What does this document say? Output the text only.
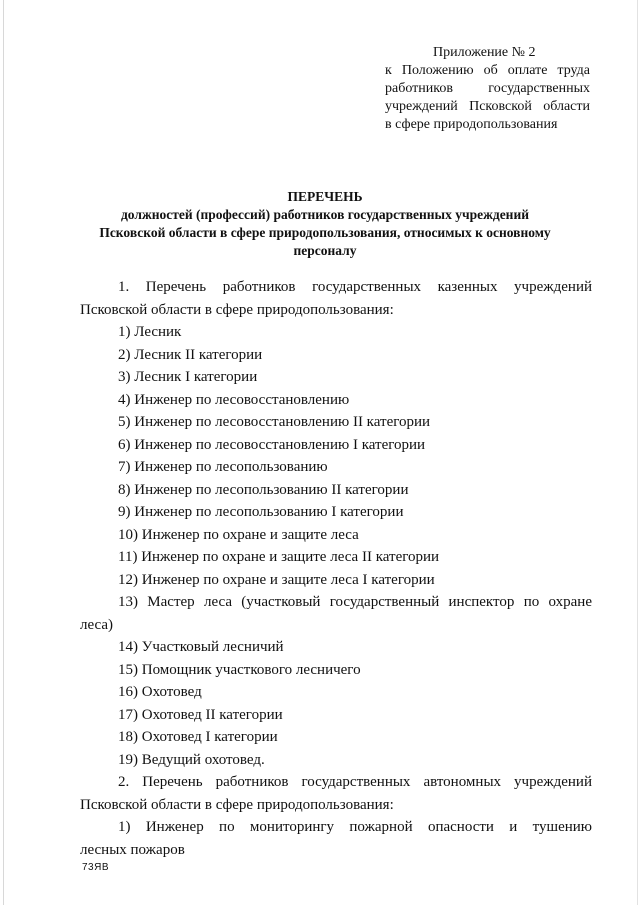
Приложение № 2
к Положению об оплате труда
работников государственных
учреждений Псковской области
в сфере природопользования
ПЕРЕЧЕНЬ
должностей (профессий) работников государственных учреждений
Псковской области в сфере природопользования, относимых к основному
персоналу
1. Перечень работников государственных казенных учреждений
Псковской области в сфере природопользования:
1) Лесник
2) Лесник II категории
3) Лесник I категории
4) Инженер по лесовосстановлению
5) Инженер по лесовосстановлению II категории
6) Инженер по лесовосстановлению I категории
7) Инженер по лесопользованию
8) Инженер по лесопользованию II категории
9) Инженер по лесопользованию I категории
10) Инженер по охране и защите леса
11) Инженер по охране и защите леса II категории
12) Инженер по охране и защите леса I категории
13) Мастер леса (участковый государственный инспектор по охране
леса)
14) Участковый лесничий
15) Помощник участкового лесничего
16) Охотовед
17) Охотовед II категории
18) Охотовед I категории
19) Ведущий охотовед.
2. Перечень работников государственных автономных учреждений
Псковской области в сфере природопользования:
1) Инженер по мониторингу пожарной опасности и тушению
лесных пожаров
73ЯВ
